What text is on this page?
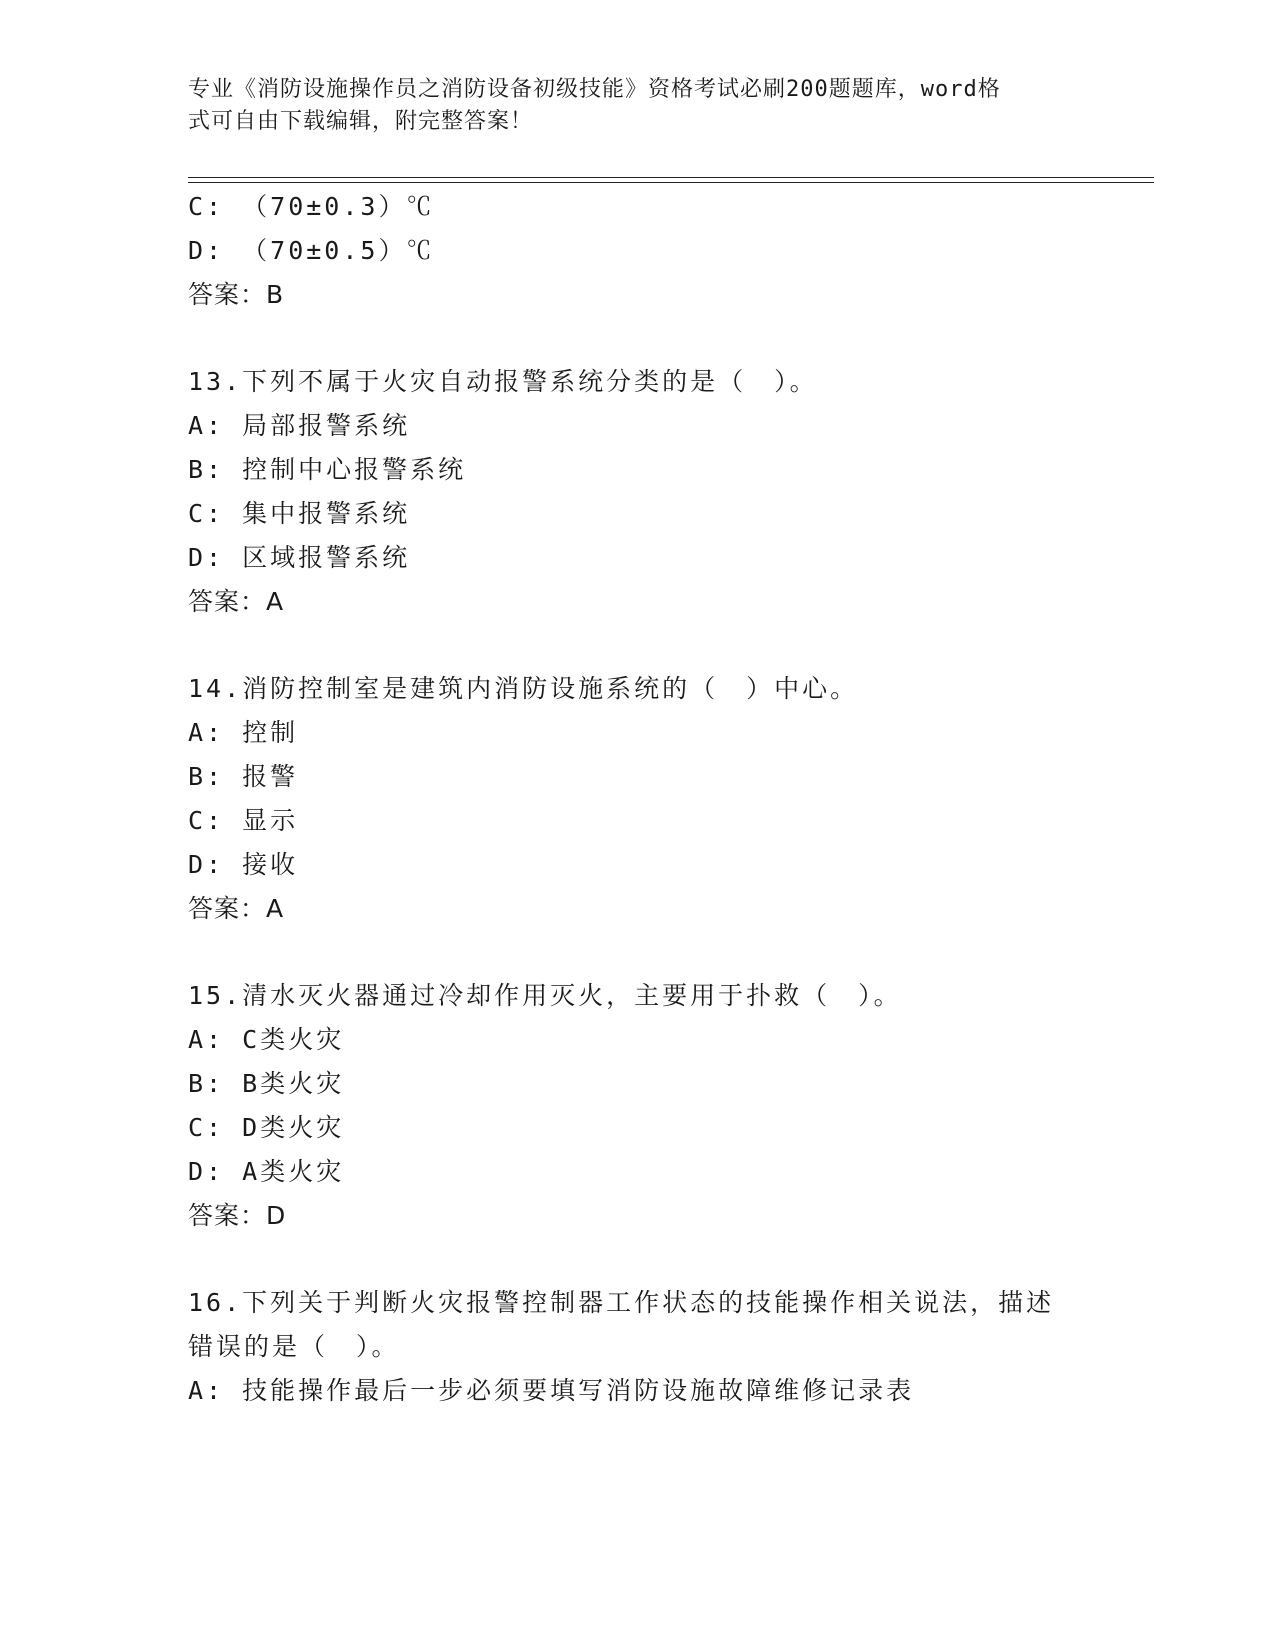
专业《消防设施操作员之消防设备初级技能》资格考试必刷200题题库，word格
式可自由下载编辑，附完整答案！
C: （70±0.3）℃
D: （70±0.5）℃
答案：B
13.下列不属于火灾自动报警系统分类的是（　）。
A: 局部报警系统
B: 控制中心报警系统
C: 集中报警系统
D: 区域报警系统
答案：A
14.消防控制室是建筑内消防设施系统的（　）中心。
A: 控制
B: 报警
C: 显示
D: 接收
答案：A
15.清水灭火器通过冷却作用灭火，主要用于扑救（　）。
A: C类火灾
B: B类火灾
C: D类火灾
D: A类火灾
答案：D
16.下列关于判断火灾报警控制器工作状态的技能操作相关说法，描述
错误的是（　）。
A: 技能操作最后一步必须要填写消防设施故障维修记录表
